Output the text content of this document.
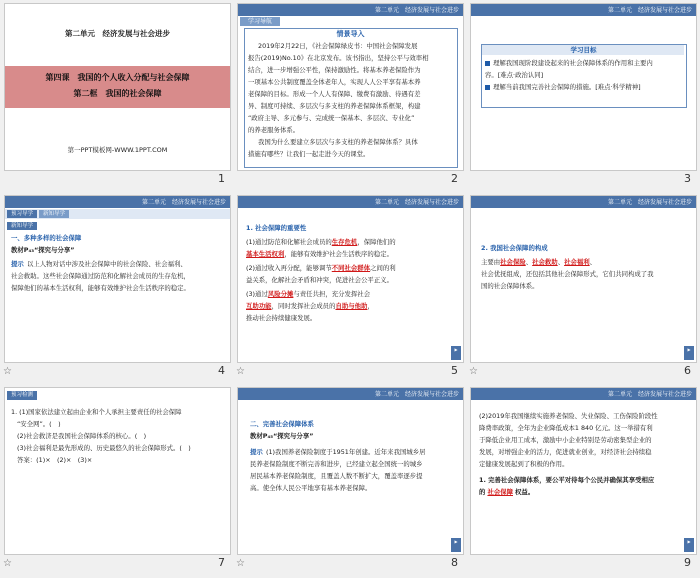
第二单元　经济发展与社会进步
第四课　我国的个人收入分配与社会保障
第二框　我国的社会保障
第一PPT模板网-WWW.1PPT.COM
1
第二单元　经济发展与社会进步
学习导航
情景导入
2019年2月22日，《社会保障绿皮书：中国社会保障发展
报告(2019)No.10》在北京发布。该书指出，坚持公平与效率相
结合，进一步增强公平性，保持激励性。将基本养老保险作为
一项基本公共制度覆盖全体老年人，实现人人公平享有基本养
老保障的目标。形成一个人人有保障、缴费有激励、待遇有差
异、制度可持续、多层次与多支柱的养老保障体系框架，构建
“政府主导、多元参与、完成统一保基本、多层次、专业化”
的养老服务体系。
我国为什么要建立多层次与多支柱的养老保障体系？具体
措施有哪些？让我们一起走进今天的课堂。
2
第二单元　经济发展与社会进步
学习目标
理解我国现阶段建设起来的社会保障体系的作用和主要内
容。[难点·政治认同]
理解当前我国完善社会保障的措施。[难点·科学精神]
3
第二单元　经济发展与社会进步
预习导学	新知导学
新知导学
一、多种多样的社会保障
教材P₄₃“探究与分享”
提示 以上人物对话中涉及社会保障中的社会保险、社会福利、
社会救助。这些社会保障通过防范和化解社会成员的生存危机，
保障他们的基本生活权利，能够有效维护社会生活秩序的稳定。
☆	4
第二单元　经济发展与社会进步
1. 社会保障的重要性
(1)通过防范和化解社会成员的生存危机，保障他们的
基本生活权利，能够有效维护社会生活秩序的稳定。
(2)通过收入再分配，能够调节不同社会群体之间的利
益关系，化解社会矛盾和冲突，促进社会公平正义。
(3)通过风险分摊与责任共担，充分发挥社会
互助功能，同时发挥社会成员的自助与他助，
推动社会持续健康发展。
▶
☆	5
第二单元　经济发展与社会进步
2. 我国社会保障的构成
主要由社会保险、社会救助、社会福利、
社会优抚组成，还包括其他社会保障形式，它们共同构成了我
国的社会保障体系。
▶
☆	6
预习检测
1. (1)国家依法建立起由企业和个人承担主要责任的社会保障
“安全网”。(　)
(2)社会救济是我国社会保障体系的核心。(　)
(3)社会福利是最先形成的、历史最悠久的社会保障形式。(　)
答案：(1)×　(2)×　(3)×
☆	7
第二单元　经济发展与社会进步
二、完善社会保障体系
教材P₄₅“探究与分享”
提示 (1)我国养老保险制度于1951年创建。近年来我国城乡居
民养老保险制度不断完善和进步，已经建立起全国统一的城乡
居民基本养老保险制度，且覆盖人数不断扩大，覆盖率逐步提
高。使全体人民公平地享有基本养老保障。
▶
☆	8
第二单元　经济发展与社会进步
(2)2019年我国继续实施养老保险、失业保险、工伤保险阶段性
降费率政策，全年为企业降低成本1 840 亿元。这一举措有利
于降低企业用工成本，激励中小企业特别是劳动密集型企业的
发展，对增强企业的活力，促进就业创业，对经济社会持续稳
定健康发展起到了积极的作用。
1. 完善社会保障体系，要公平对待每个公民并确保其享受相应
的 社会保障 权益。
▶
9
